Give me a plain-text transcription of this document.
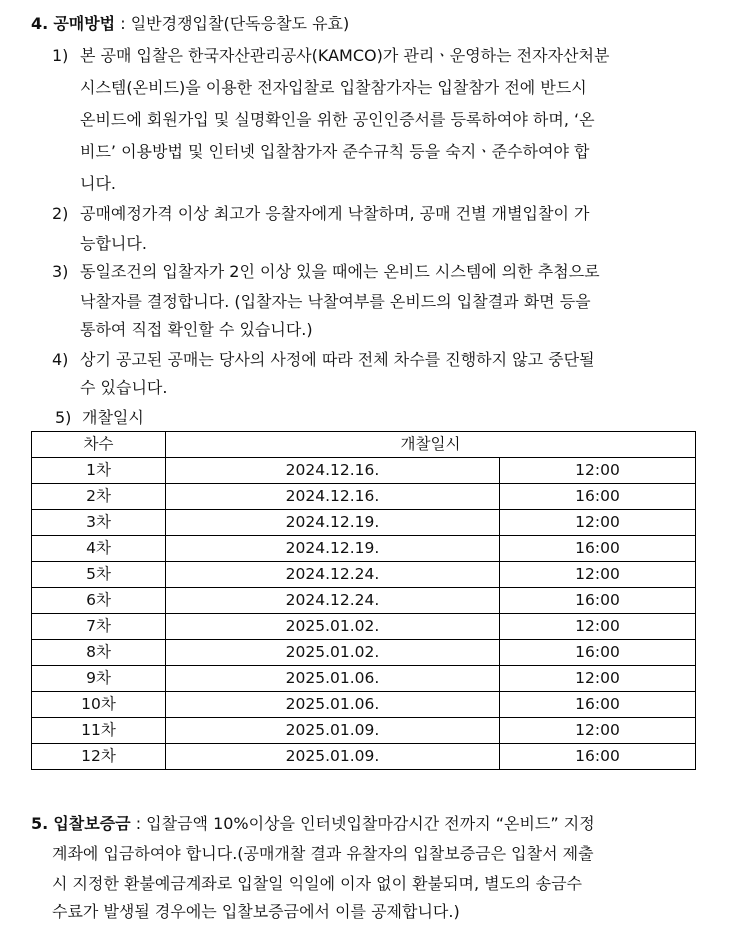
4. 공매방법 : 일반경쟁입찰(단독응찰도 유효)
1) 본 공매 입찰은 한국자산관리공사(KAMCO)가 관리ㆍ운영하는 전자자산처분
시스템(온비드)을 이용한 전자입찰로 입찰참가자는 입찰참가 전에 반드시
온비드에 회원가입 및 실명확인을 위한 공인인증서를 등록하여야 하며, ‘온
비드’ 이용방법 및 인터넷 입찰참가자 준수규칙 등을 숙지ㆍ준수하여야 합
니다.
2) 공매예정가격 이상 최고가 응찰자에게 낙찰하며, 공매 건별 개별입찰이 가
능합니다.
3) 동일조건의 입찰자가 2인 이상 있을 때에는 온비드 시스템에 의한 추첨으로
낙찰자를 결정합니다. (입찰자는 낙찰여부를 온비드의 입찰결과 화면 등을
통하여 직접 확인할 수 있습니다.)
4) 상기 공고된 공매는 당사의 사정에 따라 전체 차수를 진행하지 않고 중단될
수 있습니다.
5) 개찰일시
차수	개찰일시	
1차	2024.12.16.	12:00
2차	2024.12.16.	16:00
3차	2024.12.19.	12:00
4차	2024.12.19.	16:00
5차	2024.12.24.	12:00
6차	2024.12.24.	16:00
7차	2025.01.02.	12:00
8차	2025.01.02.	16:00
9차	2025.01.06.	12:00
10차	2025.01.06.	16:00
11차	2025.01.09.	12:00
12차	2025.01.09.	16:00
5. 입찰보증금 : 입찰금액 10%이상을 인터넷입찰마감시간 전까지 “온비드” 지정
계좌에 입금하여야 합니다.(공매개찰 결과 유찰자의 입찰보증금은 입찰서 제출
시 지정한 환불예금계좌로 입찰일 익일에 이자 없이 환불되며, 별도의 송금수
수료가 발생될 경우에는 입찰보증금에서 이를 공제합니다.)
